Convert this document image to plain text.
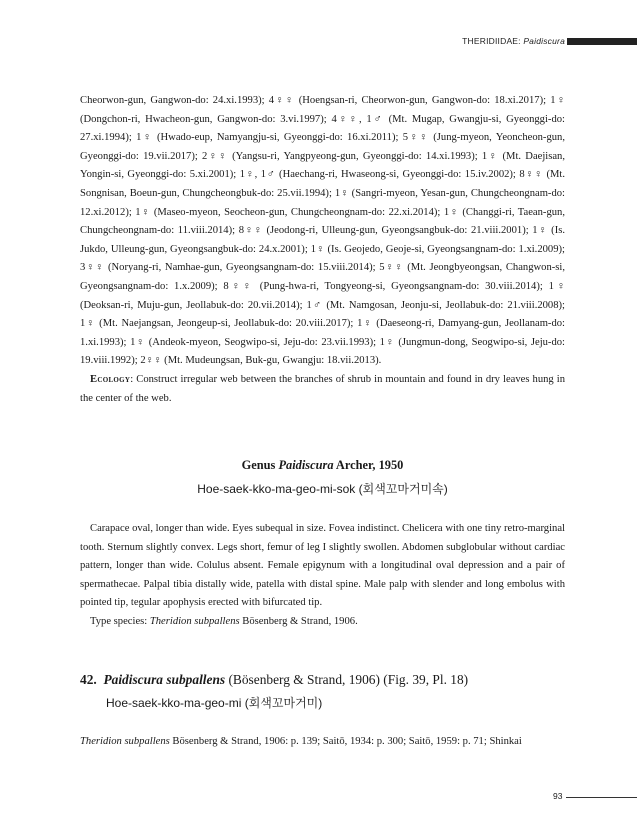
THERIDIIDAE: Paidiscura

Cheorwon-gun, Gangwon-do: 24.xi.1993); 4♀♀ (Hoengsan-ri, Cheorwon-gun, Gangwon-do: 18.xi.2017); 1♀ (Dongchon-ri, Hwacheon-gun, Gangwon-do: 3.vi.1997); 4♀♀, 1♂ (Mt. Mugap, Gwangju-si, Gyeonggi-do: 27.xi.1994); 1♀ (Hwado-eup, Namyangju-si, Gyeonggi-do: 16.xi.2011); 5♀♀ (Jung-myeon, Yeoncheon-gun, Gyeonggi-do: 19.vii.2017); 2♀♀ (Yangsu-ri, Yangpyeong-gun, Gyeonggi-do: 14.xi.1993); 1♀ (Mt. Daejisan, Yongin-si, Gyeonggi-do: 5.xi.2001); 1♀, 1♂ (Haechang-ri, Hwaseong-si, Gyeonggi-do: 15.iv.2002); 8♀♀ (Mt. Songnisan, Boeun-gun, Chungcheongbuk-do: 25.vii.1994); 1♀ (Sangri-myeon, Yesan-gun, Chungcheongnam-do: 12.xi.2012); 1♀ (Maseo-myeon, Seocheon-gun, Chungcheongnam-do: 22.xi.2014); 1♀ (Changgi-ri, Taean-gun, Chungcheongnam-do: 11.viii.2014); 8♀♀ (Jeodong-ri, Ulleung-gun, Gyeongsangbuk-do: 21.viii.2001); 1♀ (Is. Jukdo, Ulleung-gun, Gyeongsangbuk-do: 24.x.2001); 1♀ (Is. Geojedo, Geoje-si, Gyeongsangnam-do: 1.xi.2009); 3♀♀ (Noryang-ri, Namhae-gun, Gyeongsangnam-do: 15.viii.2014); 5♀♀ (Mt. Jeongbyeongsan, Changwon-si, Gyeongsangnam-do: 1.x.2009); 8♀♀ (Pung-hwa-ri, Tongyeong-si, Gyeongsangnam-do: 30.viii.2014); 1♀ (Deoksan-ri, Muju-gun, Jeollabuk-do: 20.vii.2014); 1♂ (Mt. Namgosan, Jeonju-si, Jeollabuk-do: 21.viii.2008); 1♀ (Mt. Naejangsan, Jeongeup-si, Jeollabuk-do: 20.viii.2017); 1♀ (Daeseong-ri, Damyang-gun, Jeollanam-do: 1.xi.1993); 1♀ (Andeok-myeon, Seogwipo-si, Jeju-do: 23.vii.1993); 1♀ (Jungmun-dong, Seogwipo-si, Jeju-do: 19.viii.1992); 2♀♀ (Mt. Mudeungsan, Buk-gu, Gwangju: 18.vii.2013).

Ecology: Construct irregular web between the branches of shrub in mountain and found in dry leaves hung in the center of the web.

Genus Paidiscura Archer, 1950
Hoe-saek-kko-ma-geo-mi-sok (회색꼬마거미속)

Carapace oval, longer than wide. Eyes subequal in size. Fovea indistinct. Chelicera with one tiny retro-marginal tooth. Sternum slightly convex. Legs short, femur of leg I slightly swollen. Abdomen subglobular without cardiac pattern, longer than wide. Colulus absent. Female epigynum with a longitudinal oval depression and a pair of spermathecae. Palpal tibia distally wide, patella with distal spine. Male palp with slender and long embolus with pointed tip, tegular apophysis erected with bifurcated tip.

Type species: Theridion subpallens Bösenberg & Strand, 1906.

42. Paidiscura subpallens (Bösenberg & Strand, 1906) (Fig. 39, Pl. 18)
Hoe-saek-kko-ma-geo-mi (회색꼬마거미)
Theridion subpallens Bösenberg & Strand, 1906: p. 139; Saitō, 1934: p. 300; Saitō, 1959: p. 71; Shinkai
93
